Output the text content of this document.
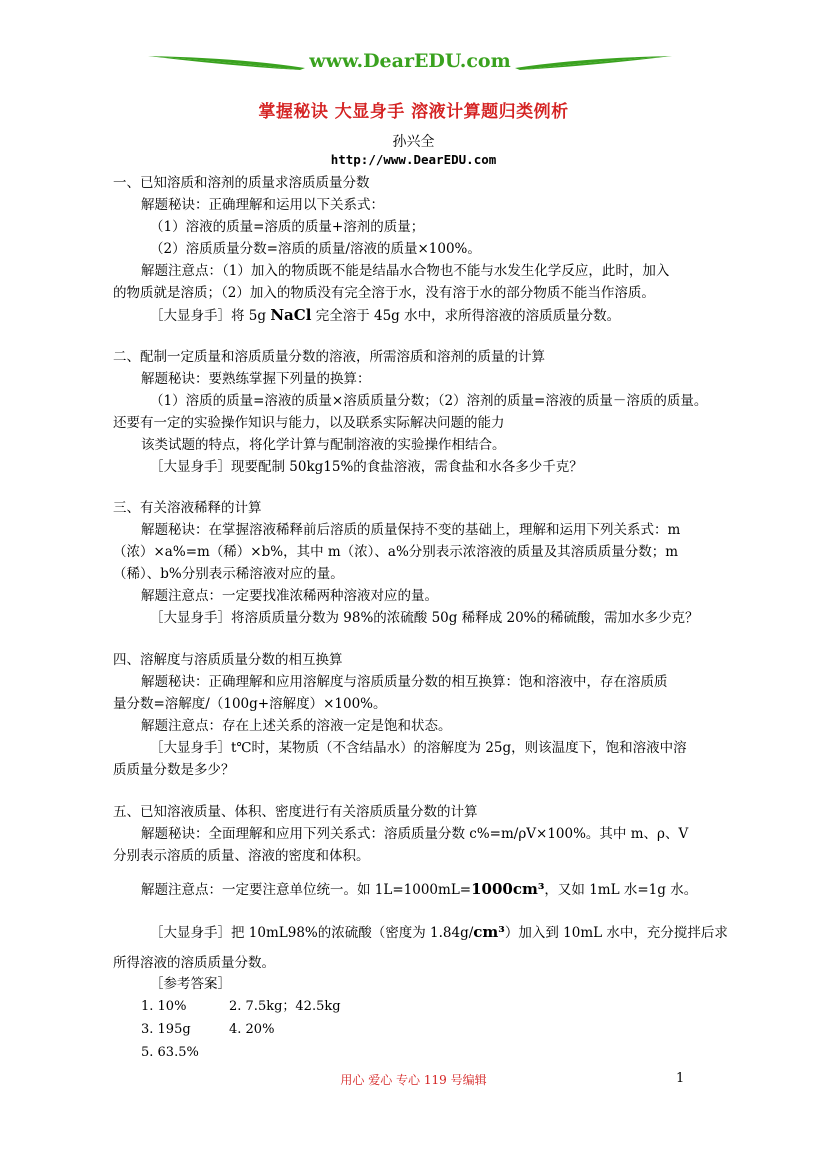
www.DearEDU.com
掌握秘诀 大显身手 溶液计算题归类例析
孙兴全
http://www.DearEDU.com
一、已知溶质和溶剂的质量求溶质质量分数
解题秘诀：正确理解和运用以下关系式：
（1）溶液的质量=溶质的质量+溶剂的质量；
（2）溶质质量分数=溶质的质量/溶液的质量×100%。
解题注意点：（1）加入的物质既不能是结晶水合物也不能与水发生化学反应，此时，加入
的物质就是溶质；（2）加入的物质没有完全溶于水，没有溶于水的部分物质不能当作溶质。
［大显身手］将 5g NaCl 完全溶于 45g 水中，求所得溶液的溶质质量分数。
二、配制一定质量和溶质质量分数的溶液，所需溶质和溶剂的质量的计算
解题秘诀：要熟练掌握下列量的换算：
（1）溶质的质量=溶液的质量×溶质质量分数；（2）溶剂的质量=溶液的质量－溶质的质量。
还要有一定的实验操作知识与能力，以及联系实际解决问题的能力
该类试题的特点，将化学计算与配制溶液的实验操作相结合。
［大显身手］现要配制 50kg15%的食盐溶液，需食盐和水各多少千克？
三、有关溶液稀释的计算
解题秘诀：在掌握溶液稀释前后溶质的质量保持不变的基础上，理解和运用下列关系式：m
（浓）×a%=m（稀）×b%，其中 m（浓）、a%分别表示浓溶液的质量及其溶质质量分数；m
（稀）、b%分别表示稀溶液对应的量。
解题注意点：一定要找准浓稀两种溶液对应的量。
［大显身手］将溶质质量分数为 98%的浓硫酸 50g 稀释成 20%的稀硫酸，需加水多少克？
四、溶解度与溶质质量分数的相互换算
解题秘诀：正确理解和应用溶解度与溶质质量分数的相互换算：饱和溶液中，存在溶质质
量分数=溶解度/（100g+溶解度）×100%。
解题注意点：存在上述关系的溶液一定是饱和状态。
［大显身手］t℃时，某物质（不含结晶水）的溶解度为 25g，则该温度下，饱和溶液中溶
质质量分数是多少？
五、已知溶液质量、体积、密度进行有关溶质质量分数的计算
解题秘诀：全面理解和应用下列关系式：溶质质量分数 c%=m/ρV×100%。其中 m、ρ、V
分别表示溶质的质量、溶液的密度和体积。
解题注意点：一定要注意单位统一。如 1L=1000mL=1000cm³，又如 1mL 水=1g 水。
［大显身手］把 10mL98%的浓硫酸（密度为 1.84g/cm³）加入到 10mL 水中，充分搅拌后求
所得溶液的溶质质量分数。
［参考答案］
1. 10%	2. 7.5kg；42.5kg
3. 195g	4. 20%
5. 63.5%
用心 爱心 专心 119 号编辑	1
